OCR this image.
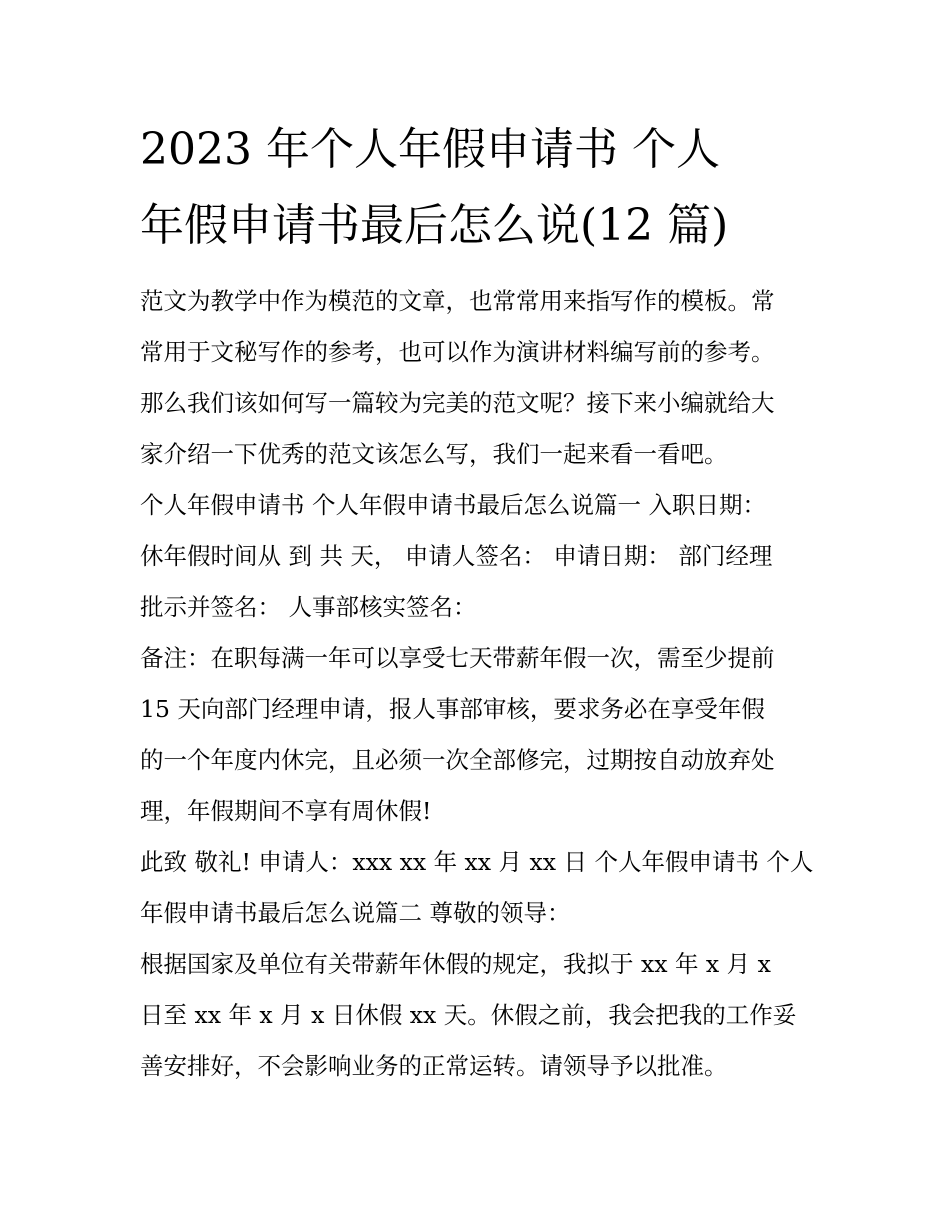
2023 年个人年假申请书 个人
年假申请书最后怎么说(12 篇)
范文为教学中作为模范的文章，也常常用来指写作的模板。常
常用于文秘写作的参考，也可以作为演讲材料编写前的参考。
那么我们该如何写一篇较为完美的范文呢？接下来小编就给大
家介绍一下优秀的范文该怎么写，我们一起来看一看吧。
个人年假申请书 个人年假申请书最后怎么说篇一 入职日期：
休年假时间从 到 共 天， 申请人签名： 申请日期： 部门经理
批示并签名： 人事部核实签名：
备注：在职每满一年可以享受七天带薪年假一次，需至少提前
15 天向部门经理申请，报人事部审核，要求务必在享受年假
的一个年度内休完，且必须一次全部修完，过期按自动放弃处
理，年假期间不享有周休假!
此致 敬礼! 申请人：xxx xx 年 xx 月 xx 日 个人年假申请书 个人
年假申请书最后怎么说篇二 尊敬的领导：
根据国家及单位有关带薪年休假的规定，我拟于 xx 年 x 月 x
日至 xx 年 x 月 x 日休假 xx 天。休假之前，我会把我的工作妥
善安排好，不会影响业务的正常运转。请领导予以批准。
